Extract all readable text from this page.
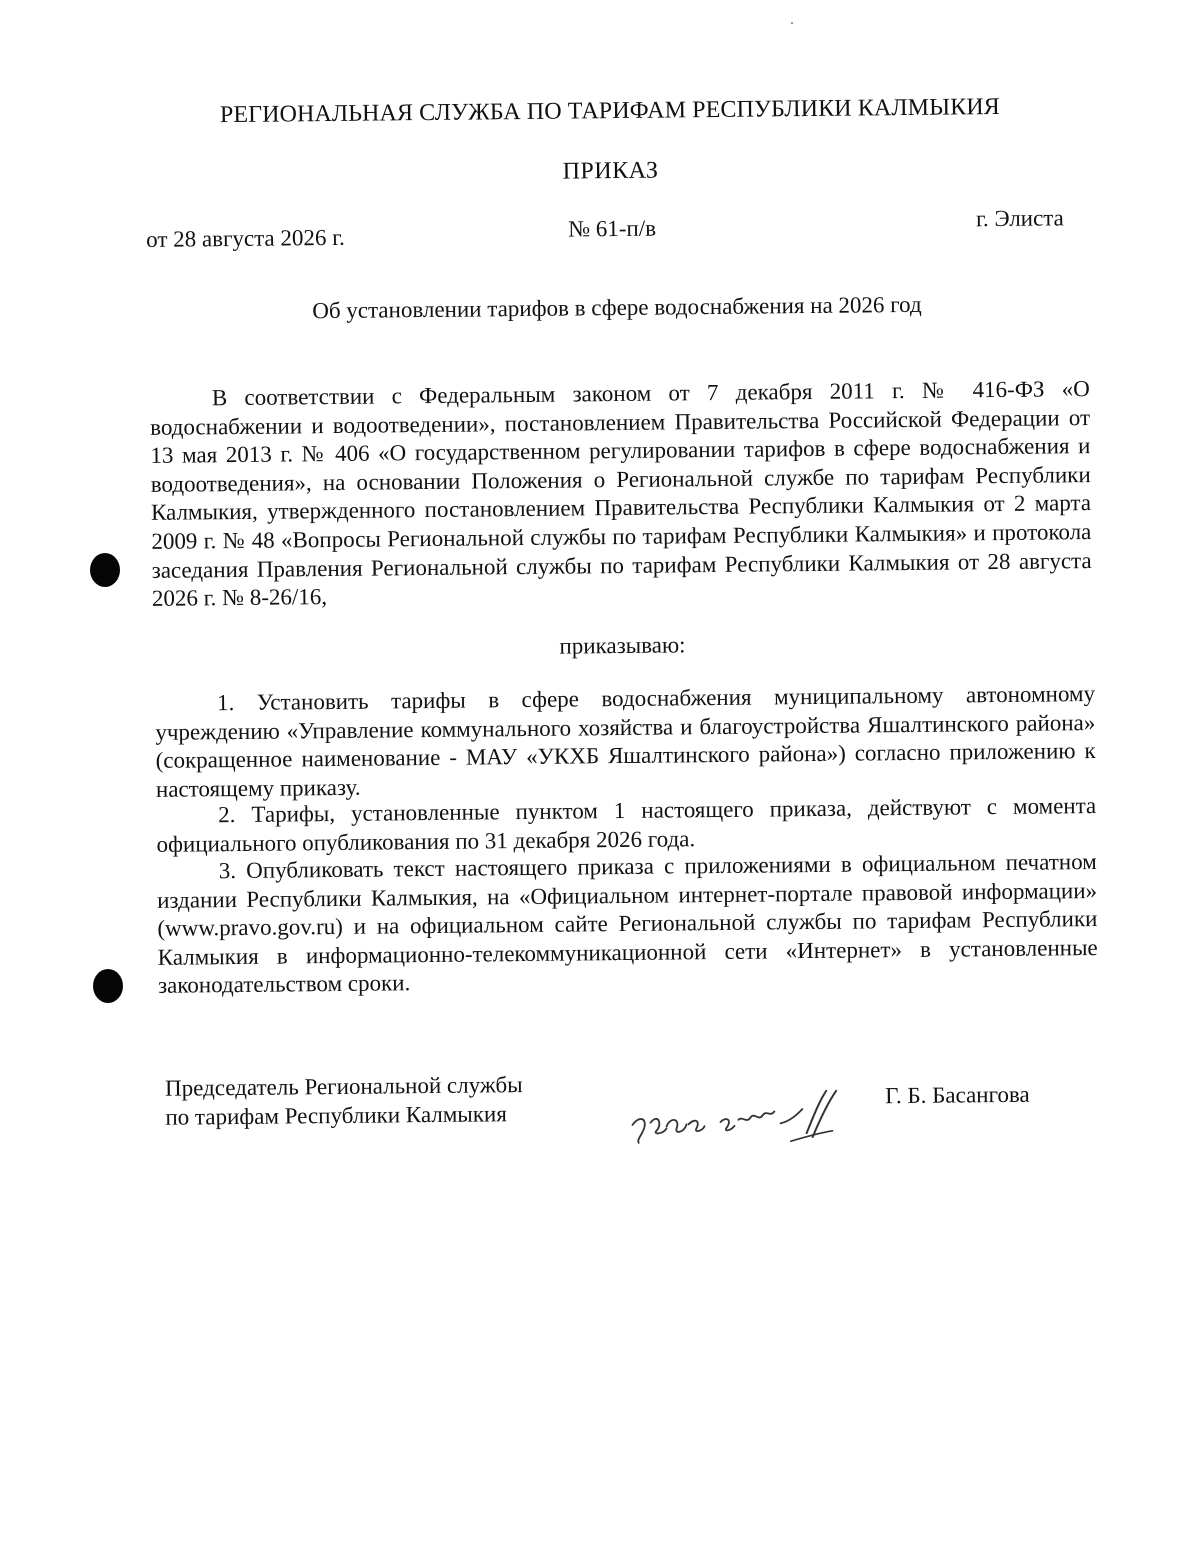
РЕГИОНАЛЬНАЯ СЛУЖБА ПО ТАРИФАМ РЕСПУБЛИКИ КАЛМЫКИЯ
ПРИКАЗ
от 28 августа 2026 г.	№ 61-п/в	г. Элиста
Об установлении тарифов в сфере водоснабжения на 2026 год
В соответствии с Федеральным законом от 7 декабря 2011 г. № 416-ФЗ «О водоснабжении и водоотведении», постановлением Правительства Российской Федерации от 13 мая 2013 г. № 406 «О государственном регулировании тарифов в сфере водоснабжения и водоотведения», на основании Положения о Региональной службе по тарифам Республики Калмыкия, утвержденного постановлением Правительства Республики Калмыкия от 2 марта 2009 г. № 48 «Вопросы Региональной службы по тарифам Республики Калмыкия» и протокола заседания Правления Региональной службы по тарифам Республики Калмыкия от 28 августа 2026 г. № 8-26/16,
приказываю:
1. Установить тарифы в сфере водоснабжения муниципальному автономному учреждению «Управление коммунального хозяйства и благоустройства Яшалтинского района» (сокращенное наименование - МАУ «УКХБ Яшалтинского района») согласно приложению к настоящему приказу.
2. Тарифы, установленные пунктом 1 настоящего приказа, действуют с момента официального опубликования по 31 декабря 2026 года.
3. Опубликовать текст настоящего приказа с приложениями в официальном печатном издании Республики Калмыкия, на «Официальном интернет-портале правовой информации» (www.pravo.gov.ru) и на официальном сайте Региональной службы по тарифам Республики Калмыкия в информационно-телекоммуникационной сети «Интернет» в установленные законодательством сроки.
Председатель Региональной службы
по тарифам Республики Калмыкия
Г. Б. Басангова
